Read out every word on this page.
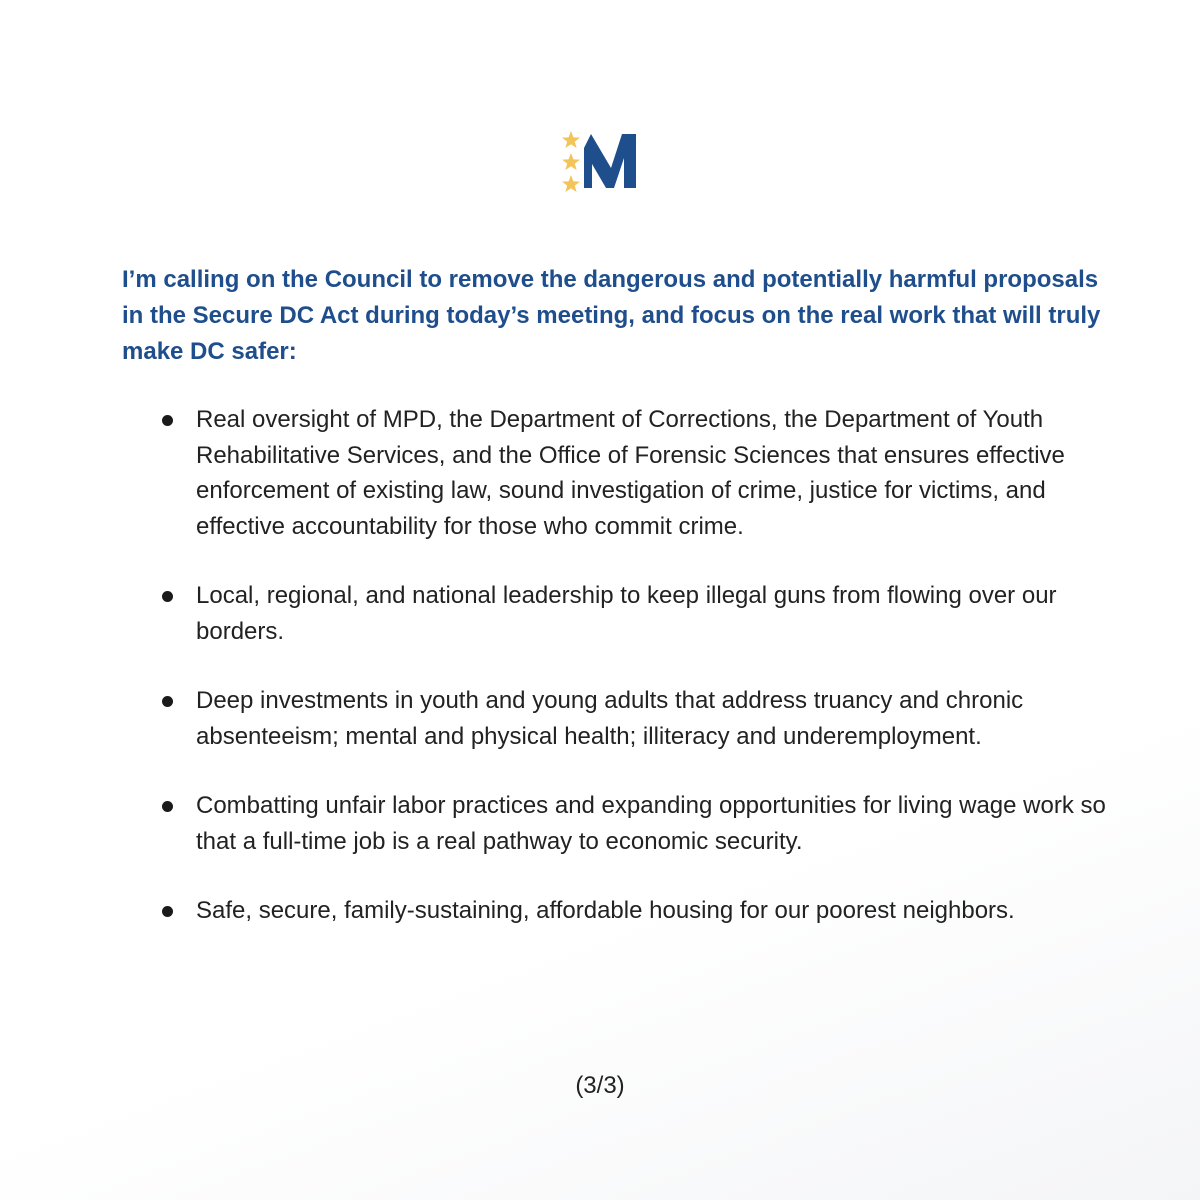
I’m calling on the Council to remove the dangerous and potentially harmful proposals in the Secure DC Act during today’s meeting, and focus on the real work that will truly make DC safer:

Real oversight of MPD, the Department of Corrections, the Department of Youth Rehabilitative Services, and the Office of Forensic Sciences that ensures effective enforcement of existing law, sound investigation of crime, justice for victims, and effective accountability for those who commit crime.
Local, regional, and national leadership to keep illegal guns from flowing over our borders.
Deep investments in youth and young adults that address truancy and chronic absenteeism; mental and physical health; illiteracy and underemployment.
Combatting unfair labor practices and expanding opportunities for living wage work so that a full-time job is a real pathway to economic security.
Safe, secure, family-sustaining, affordable housing for our poorest neighbors.
(3/3)
